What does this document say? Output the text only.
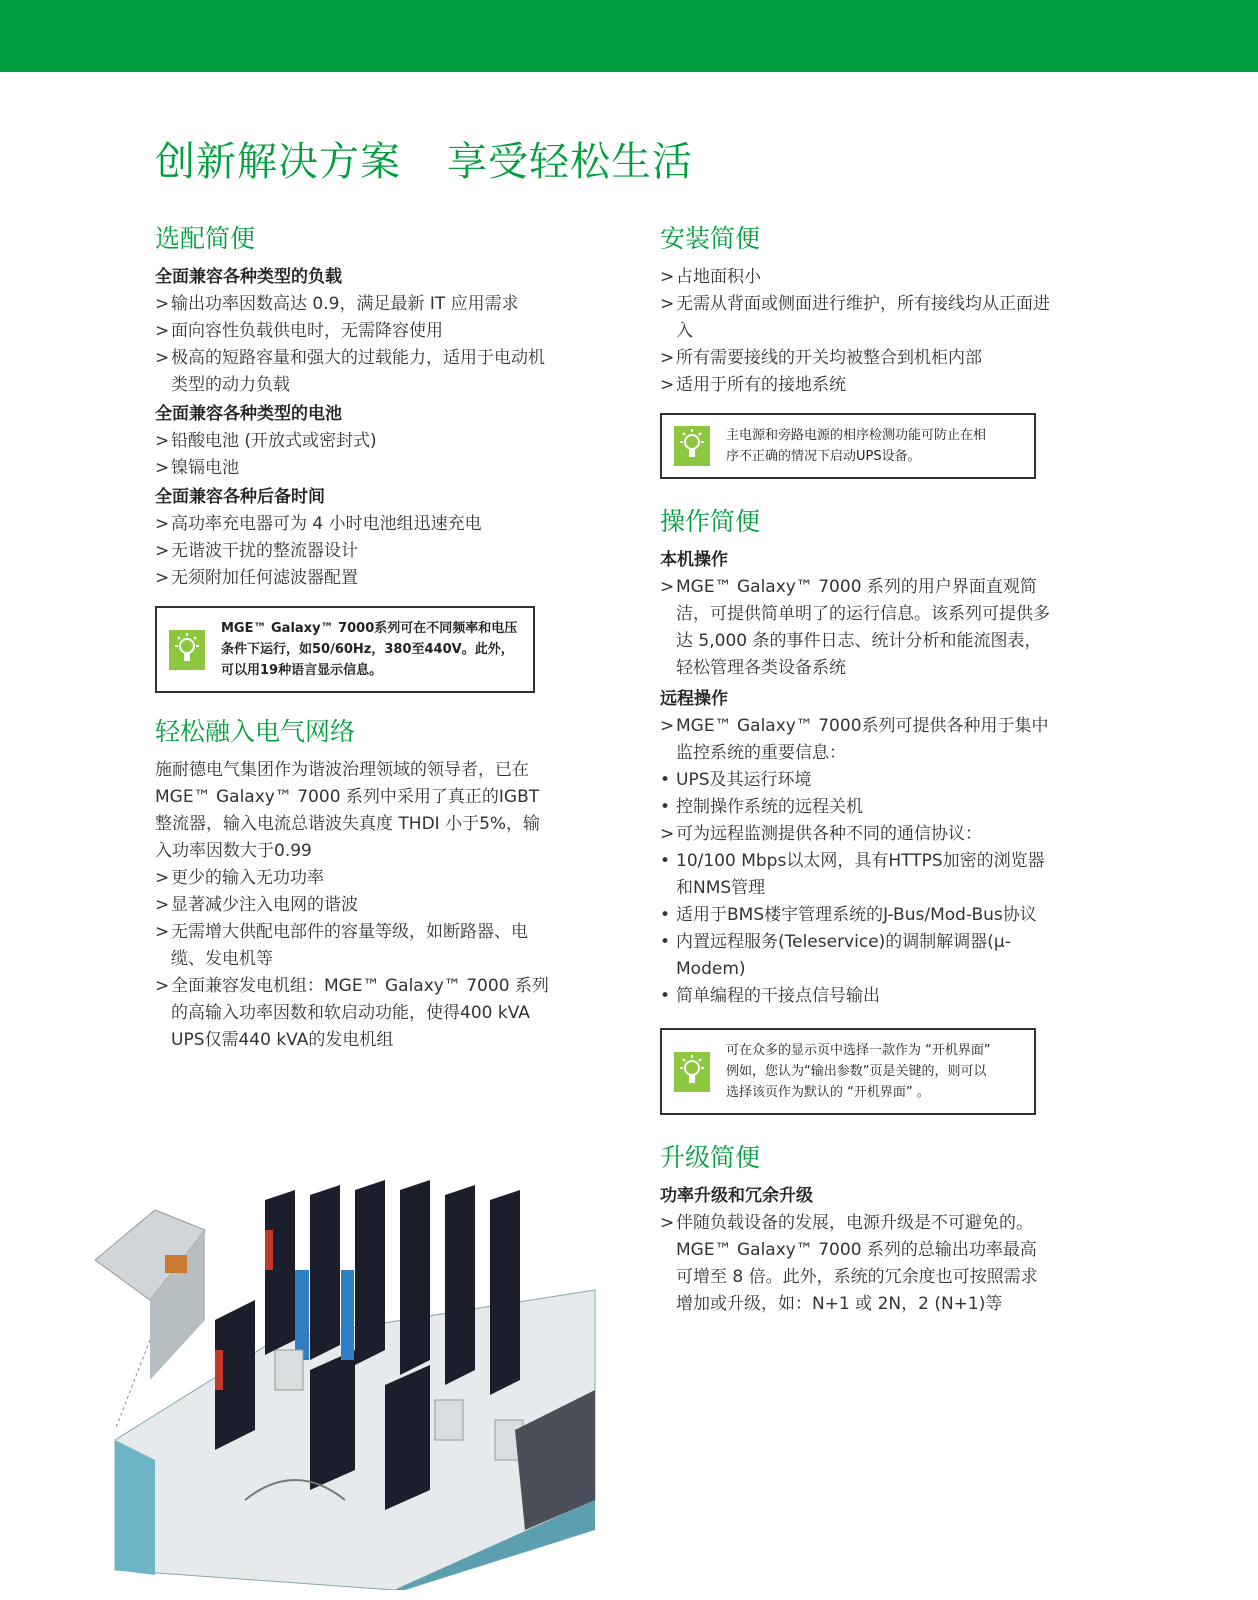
创新解决方案 享受轻松生活
选配简便
全面兼容各种类型的负载
> 输出功率因数高达 0.9，满足最新 IT 应用需求
> 面向容性负载供电时，无需降容使用
> 极高的短路容量和强大的过载能力，适用于电动机类型的动力负载
全面兼容各种类型的电池
> 铅酸电池 (开放式或密封式)
> 镍镉电池
全面兼容各种后备时间
> 高功率充电器可为 4 小时电池组迅速充电
> 无谐波干扰的整流器设计
> 无须附加任何滤波器配置
MGE™ Galaxy™ 7000系列可在不同频率和电压
条件下运行，如50/60Hz，380至440V。此外，
可以用19种语言显示信息。
轻松融入电气网络
施耐德电气集团作为谐波治理领域的领导者，已在 MGE™ Galaxy™ 7000 系列中采用了真正的IGBT整流器，输入电流总谐波失真度 THDI 小于5%，输入功率因数大于0.99
> 更少的输入无功功率
> 显著减少注入电网的谐波
> 无需增大供配电部件的容量等级，如断路器、电缆、发电机等
> 全面兼容发电机组：MGE™ Galaxy™ 7000 系列的高输入功率因数和软启动功能，使得400 kVA UPS仅需440 kVA的发电机组
安装简便
> 占地面积小
> 无需从背面或侧面进行维护，所有接线均从正面进入
> 所有需要接线的开关均被整合到机柜内部
> 适用于所有的接地系统
主电源和旁路电源的相序检测功能可防止在相
序不正确的情况下启动UPS设备。
操作简便
本机操作
> MGE™ Galaxy™ 7000 系列的用户界面直观简洁，可提供简单明了的运行信息。该系列可提供多达 5,000 条的事件日志、统计分析和能流图表，轻松管理各类设备系统
远程操作
> MGE™ Galaxy™ 7000系列可提供各种用于集中监控系统的重要信息：
• UPS及其运行环境
• 控制操作系统的远程关机
> 可为远程监测提供各种不同的通信协议：
• 10/100 Mbps以太网，具有HTTPS加密的浏览器和NMS管理
• 适用于BMS楼宇管理系统的J-Bus/Mod-Bus协议
• 内置远程服务(Teleservice)的调制解调器(μ-Modem)
• 简单编程的干接点信号输出
可在众多的显示页中选择一款作为 “开机界面”
例如，您认为“输出参数”页是关键的，则可以
选择该页作为默认的 “开机界面” 。
升级简便
功率升级和冗余升级
> 伴随负载设备的发展，电源升级是不可避免的。MGE™ Galaxy™ 7000 系列的总输出功率最高可增至 8 倍。此外，系统的冗余度也可按照需求增加或升级，如：N+1 或 2N，2 (N+1)等
